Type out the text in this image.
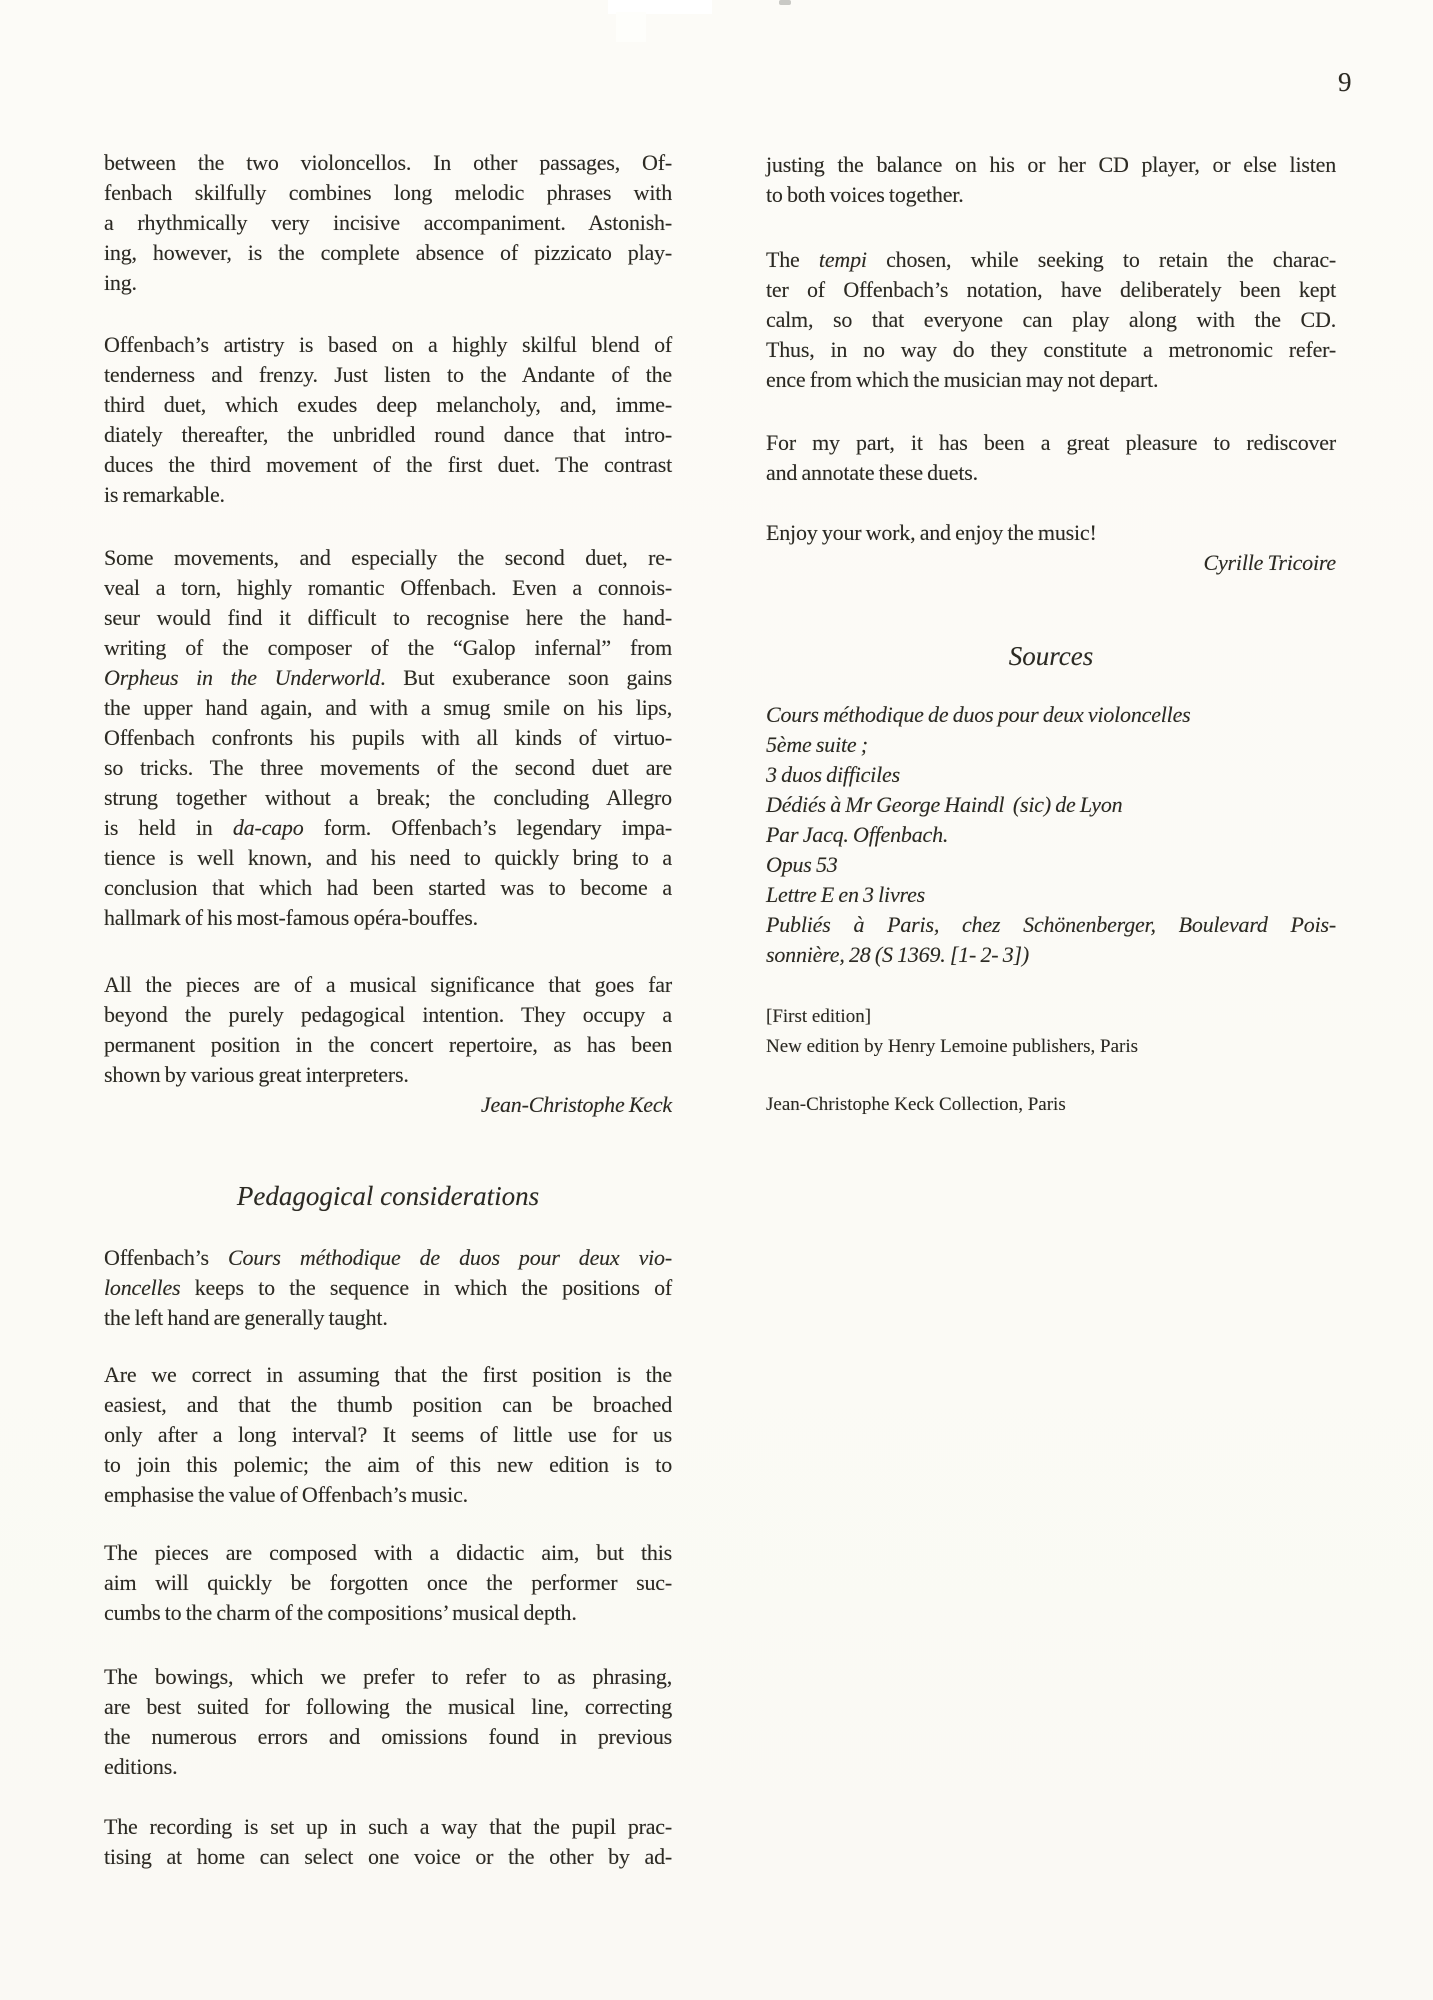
9
between the two violoncellos. In other passages, Of-
fenbach skilfully combines long melodic phrases with
a rhythmically very incisive accompaniment. Astonish-
ing, however, is the complete absence of pizzicato play-
ing.
Offenbach’s artistry is based on a highly skilful blend of
tenderness and frenzy. Just listen to the Andante of the
third duet, which exudes deep melancholy, and, imme-
diately thereafter, the unbridled round dance that intro-
duces the third movement of the first duet. The contrast
is remarkable.
Some movements, and especially the second duet, re-
veal a torn, highly romantic Offenbach. Even a connois-
seur would find it difficult to recognise here the hand-
writing of the composer of the “Galop infernal” from
Orpheus in the Underworld. But exuberance soon gains
the upper hand again, and with a smug smile on his lips,
Offenbach confronts his pupils with all kinds of virtuo-
so tricks. The three movements of the second duet are
strung together without a break; the concluding Allegro
is held in da-capo form. Offenbach’s legendary impa-
tience is well known, and his need to quickly bring to a
conclusion that which had been started was to become a
hallmark of his most-famous opéra-bouffes.
All the pieces are of a musical significance that goes far
beyond the purely pedagogical intention. They occupy a
permanent position in the concert repertoire, as has been
shown by various great interpreters.
Jean-Christophe Keck
Pedagogical considerations
Offenbach’s Cours méthodique de duos pour deux vio-
loncelles keeps to the sequence in which the positions of
the left hand are generally taught.
Are we correct in assuming that the first position is the
easiest, and that the thumb position can be broached
only after a long interval? It seems of little use for us
to join this polemic; the aim of this new edition is to
emphasise the value of Offenbach’s music.
The pieces are composed with a didactic aim, but this
aim will quickly be forgotten once the performer suc-
cumbs to the charm of the compositions’ musical depth.
The bowings, which we prefer to refer to as phrasing,
are best suited for following the musical line, correcting
the numerous errors and omissions found in previous
editions.
The recording is set up in such a way that the pupil prac-
tising at home can select one voice or the other by ad-
justing the balance on his or her CD player, or else listen
to both voices together.
The tempi chosen, while seeking to retain the charac-
ter of Offenbach’s notation, have deliberately been kept
calm, so that everyone can play along with the CD.
Thus, in no way do they constitute a metronomic refer-
ence from which the musician may not depart.
For my part, it has been a great pleasure to rediscover
and annotate these duets.
Enjoy your work, and enjoy the music!
Cyrille Tricoire
Sources
Cours méthodique de duos pour deux violoncelles
5ème suite ;
3 duos difficiles
Dédiés à Mr George Haindl  (sic) de Lyon
Par Jacq. Offenbach.
Opus 53
Lettre E en 3 livres
Publiés à Paris, chez Schönenberger, Boulevard Pois-
sonnière, 28 (S 1369. [1- 2- 3])
[First edition]
New edition by Henry Lemoine publishers, Paris
Jean-Christophe Keck Collection, Paris
